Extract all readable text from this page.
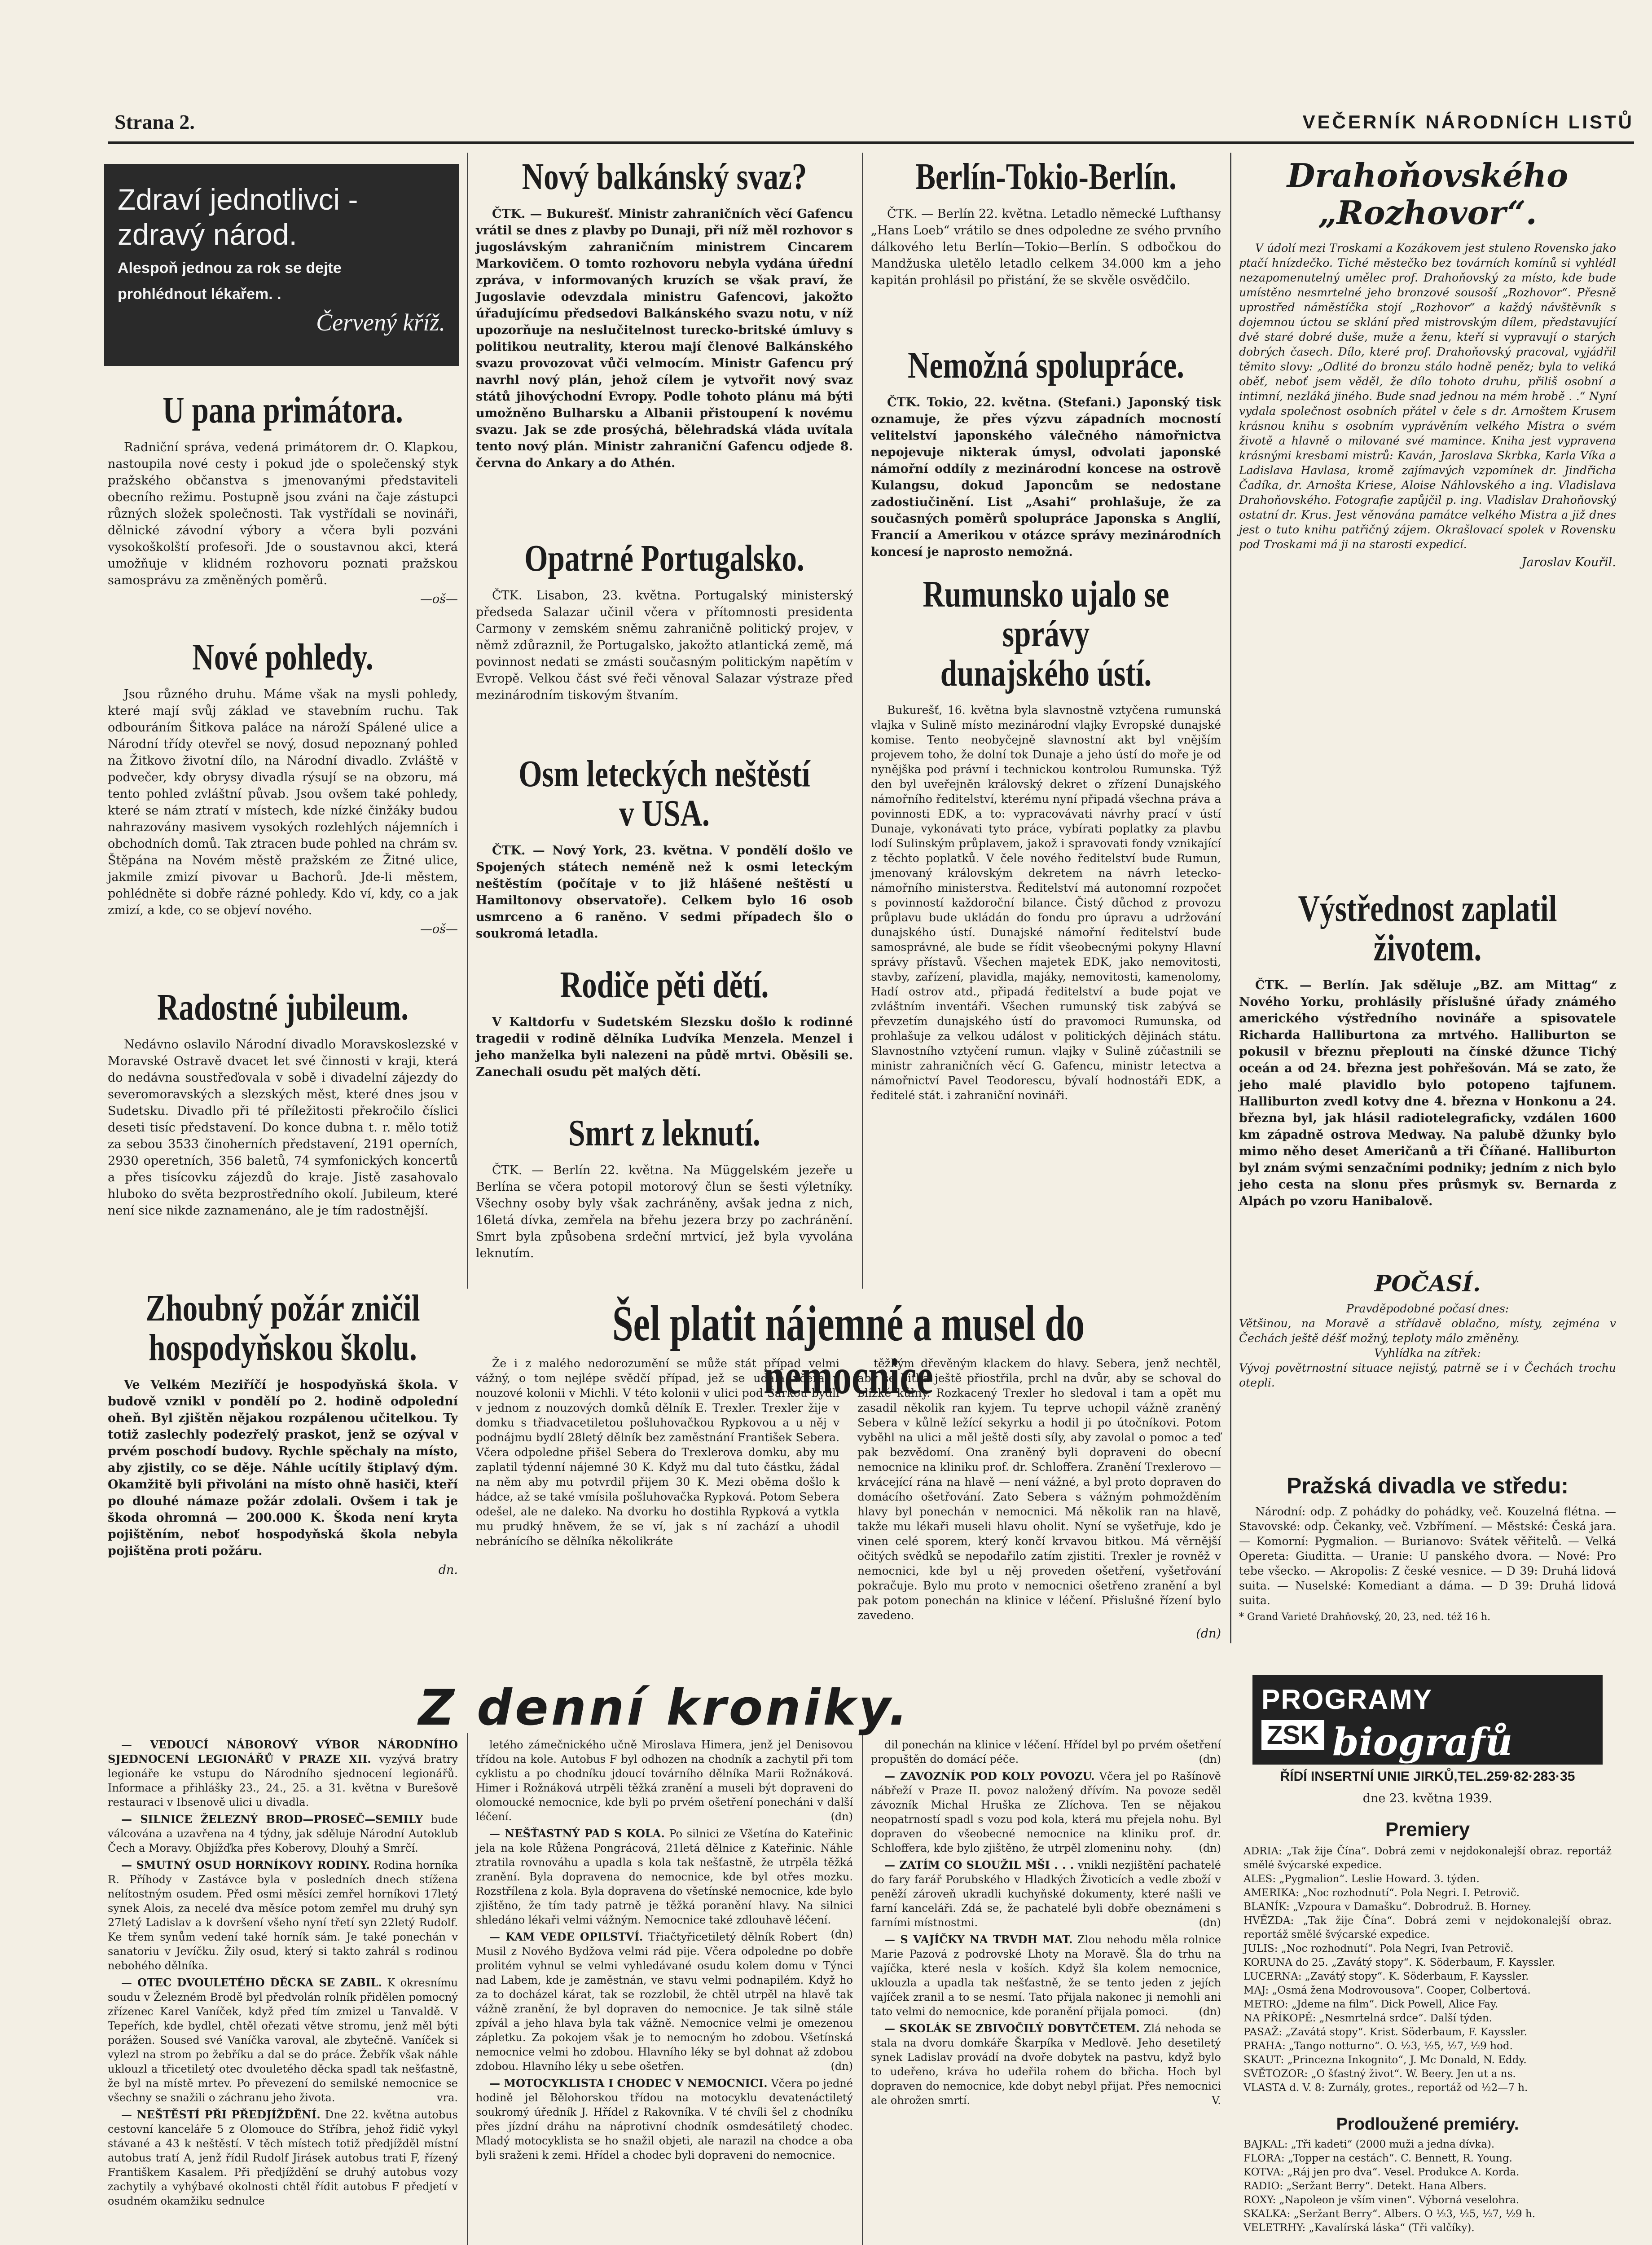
Strana 2.	VEČERNÍK NÁRODNÍCH LISTŮ
Zdraví jednotlivci -
zdravý národ.
Alespoň jednou za rok se dejte
prohlédnout lékařem. .
Červený kříž.
U pana primátora.

Radniční správa, vedená primátorem dr. O. Klapkou, nastoupila nové cesty i pokud jde o společenský styk pražského občanstva s jmenovanými představiteli obecního režimu. Postupně jsou zváni na čaje zástupci různých složek společnosti. Tak vystřídali se novináři, dělnické závodní výbory a včera byli pozváni vysokoškolští profesoři. Jde o soustavnou akci, která umožňuje v klidném rozhovoru poznati pražskou samosprávu za změněných poměrů.

—oš—
Nové pohledy.

Jsou různého druhu. Máme však na mysli pohledy, které mají svůj základ ve stavebním ruchu. Tak odbouráním Šitkova paláce na nároží Spálené ulice a Národní třídy otevřel se nový, dosud nepoznaný pohled na Žitkovo životní dílo, na Národní divadlo. Zvláště v podvečer, kdy obrysy divadla rýsují se na obzoru, má tento pohled zvláštní půvab. Jsou ovšem také pohledy, které se nám ztratí v místech, kde nízké činžáky budou nahrazovány masivem vysokých rozlehlých nájemních i obchodních domů. Tak ztracen bude pohled na chrám sv. Štěpána na Novém městě pražském ze Žitné ulice, jakmile zmizí pivovar u Bachorů. Jde-li městem, pohlédněte si dobře rázné pohledy. Kdo ví, kdy, co a jak zmizí, a kde, co se objeví nového.

—oš—
Radostné jubileum.

Nedávno oslavilo Národní divadlo Moravskoslezské v Moravské Ostravě dvacet let své činnosti v kraji, která do nedávna soustřeďovala v sobě i divadelní zájezdy do severomoravských a slezských měst, které dnes jsou v Sudetsku. Divadlo při té příležitosti překročilo číslici deseti tisíc představení. Do konce dubna t. r. mělo totiž za sebou 3533 činoherních představení, 2191 operních, 2930 operetních, 356 baletů, 74 symfonických koncertů a přes tisícovku zájezdů do kraje. Jistě zasahovalo hluboko do světa bezprostředního okolí. Jubileum, které není sice nikde zaznamenáno, ale je tím radostnější.

Zhoubný požár zničil
hospodyňskou školu.

Ve Velkém Meziříčí je hospodyňská škola. V budově vznikl v pondělí po 2. hodině odpolední oheň. Byl zjištěn nějakou rozpálenou učitelkou. Ty totiž zaslechly podezřelý praskot, jenž se ozýval v prvém poschodí budovy. Rychle spěchaly na místo, aby zjistily, co se děje. Náhle ucítily štiplavý dým. Okamžitě byli přivoláni na místo ohně hasiči, kteří po dlouhé námaze požár zdolali. Ovšem i tak je škoda ohromná — 200.000 K. Škoda není kryta pojištěním, neboť hospodyňská škola nebyla pojištěna proti požáru.

dn.
Nový balkánský svaz?

ČTK. — Bukurešť. Ministr zahraničních věcí Gafencu vrátil se dnes z plavby po Dunaji, při níž měl rozhovor s jugoslávským zahraničním ministrem Cincarem Markovičem. O tomto rozhovoru nebyla vydána úřední zpráva, v informovaných kruzích se však praví, že Jugoslavie odevzdala ministru Gafencovi, jakožto úřadujícímu předsedovi Balkánského svazu notu, v níž upozorňuje na neslučitelnost turecko-britské úmluvy s politikou neutrality, kterou mají členové Balkánského svazu provozovat vůči velmocím. Ministr Gafencu prý navrhl nový plán, jehož cílem je vytvořit nový svaz států jihovýchodní Evropy. Podle tohoto plánu má býti umožněno Bulharsku a Albanii přistoupení k novému svazu. Jak se zde prosýchá, bělehradská vláda uvítala tento nový plán. Ministr zahraniční Gafencu odjede 8. června do Ankary a do Athén.

Opatrné Portugalsko.

ČTK. Lisabon, 23. května. Portugalský ministerský předseda Salazar učinil včera v přítomnosti presidenta Carmony v zemském sněmu zahraničně politický projev, v němž zdůraznil, že Portugalsko, jakožto atlantická země, má povinnost nedati se zmásti současným politickým napětím v Evropě. Velkou část své řeči věnoval Salazar výstraze před mezinárodním tiskovým štvaním.

Osm leteckých neštěstí
v USA.

ČTK. — Nový York, 23. května. V pondělí došlo ve Spojených státech neméně než k osmi leteckým neštěstím (počítaje v to již hlášené neštěstí u Hamiltonovy observatoře). Celkem bylo 16 osob usmrceno a 6 raněno. V sedmi případech šlo o soukromá letadla.

Rodiče pěti dětí.

V Kaltdorfu v Sudetském Slezsku došlo k rodinné tragedii v rodině dělníka Ludvíka Menzela. Menzel i jeho manželka byli nalezeni na půdě mrtvi. Oběsili se. Zanechali osudu pět malých dětí.

Smrt z leknutí.

ČTK. — Berlín 22. května. Na Müggelském jezeře u Berlína se včera potopil motorový člun se šesti výletníky. Všechny osoby byly však zachráněny, avšak jedna z nich, 16letá dívka, zemřela na břehu jezera brzy po zachránění. Smrt byla způsobena srdeční mrtvicí, jež byla vyvolána leknutím.

Berlín-Tokio-Berlín.

ČTK. — Berlín 22. května. Letadlo německé Lufthansy „Hans Loeb“ vrátilo se dnes odpoledne ze svého prvního dálkového letu Berlín—Tokio—Berlín. S odbočkou do Mandžuska uletělo letadlo celkem 34.000 km a jeho kapitán prohlásil po přistání, že se skvěle osvědčilo.

Nemožná spolupráce.

ČTK. Tokio, 22. května. (Stefani.) Japonský tisk oznamuje, že přes výzvu západních mocností velitelství japonského válečného námořnictva nepojevuje nikterak úmysl, odvolati japonské námořní oddíly z mezinárodní koncese na ostrově Kulangsu, dokud Japoncům se nedostane zadostiučinění. List „Asahi“ prohlašuje, že za současných poměrů spolupráce Japonska s Anglií, Francií a Amerikou v otázce správy mezinárodních koncesí je naprosto nemožná.

Rumunsko ujalo se správy
dunajského ústí.

Bukurešť, 16. května byla slavnostně vztyčena rumunská vlajka v Sulině místo mezinárodní vlajky Evropské dunajské komise. Tento neobyčejně slavnostní akt byl vnějším projevem toho, že dolní tok Dunaje a jeho ústí do moře je od nynějška pod právní i technickou kontrolou Rumunska. Týž den byl uveřejněn královský dekret o zřízení Dunajského námořního ředitelství, kterému nyní připadá všechna práva a povinnosti EDK, a to: vypracovávati návrhy prací v ústí Dunaje, vykonávati tyto práce, vybírati poplatky za plavbu lodí Sulinským průplavem, jakož i spravovati fondy vznikající z těchto poplatků. V čele nového ředitelství bude Rumun, jmenovaný královským dekretem na návrh letecko-námořního ministerstva. Ředitelství má autonomní rozpočet s povinností každoroční bilance. Čistý důchod z provozu průplavu bude ukládán do fondu pro úpravu a udržování dunajského ústí. Dunajské námořní ředitelství bude samosprávné, ale bude se řídit všeobecnými pokyny Hlavní správy přístavů. Všechen majetek EDK, jako nemovitosti, stavby, zařízení, plavidla, majáky, nemovitosti, kamenolomy, Hadí ostrov atd., připadá ředitelství a bude pojat ve zvláštním inventáři. Všechen rumunský tisk zabývá se převzetím dunajského ústí do pravomoci Rumunska, od prohlašuje za velkou událost v politických dějinách státu. Slavnostního vztyčení rumun. vlajky v Sulině zúčastnili se ministr zahraničních věcí G. Gafencu, ministr letectva a námořnictví Pavel Teodorescu, bývalí hodnostáři EDK, a ředitelé stát. i zahraniční novináři.

Drahoňovského
„Rozhovor“.

V údolí mezi Troskami a Kozákovem jest stuleno Rovensko jako ptačí hnízdečko. Tiché městečko bez továrních komínů si vyhlédl nezapomenutelný umělec prof. Drahoňovský za místo, kde bude umístěno nesmrtelné jeho bronzové sousoší „Rozhovor“. Přesně uprostřed náměstíčka stojí „Rozhovor“ a každý návštěvník s dojemnou úctou se sklání před mistrovským dílem, představující dvě staré dobré duše, muže a ženu, kteří si vypravují o starých dobrých časech. Dílo, které prof. Drahoňovský pracoval, vyjádřil těmito slovy: „Odlité do bronzu stálo hodně peněz; byla to veliká oběť, neboť jsem věděl, že dílo tohoto druhu, přiliš osobní a intimní, nezláká jiného. Bude snad jednou na mém hrobě . .“ Nyní vydala společnost osobních přátel v čele s dr. Arnoštem Krusem krásnou knihu s osobním vyprávěním velkého Mistra o svém životě a hlavně o milované své mamince. Kniha jest vypravena krásnými kresbami mistrů: Kaván, Jaroslava Skrbka, Karla Víka a Ladislava Havlasa, kromě zajímavých vzpomínek dr. Jindřicha Čadíka, dr. Arnošta Kriese, Aloise Náhlovského a ing. Vladislava Drahoňovského. Fotografie zapůjčil p. ing. Vladislav Drahoňovský ostatní dr. Krus. Jest věnována památce velkého Mistra a již dnes jest o tuto knihu patřičný zájem. Okrašlovací spolek v Rovensku pod Troskami má ji na starosti expedicí.

Jaroslav Kouřil.
Výstřednost zaplatil
životem.

ČTK. — Berlín. Jak sděluje „BZ. am Mittag“ z Nového Yorku, prohlásily příslušné úřady známého amerického výstředního novináře a spisovatele Richarda Halliburtona za mrtvého. Halliburton se pokusil v březnu přeplouti na čínské džunce Tichý oceán a od 24. března jest pohřešován. Má se zato, že jeho malé plavidlo bylo potopeno tajfunem. Halliburton zvedl kotvy dne 4. března v Honkonu a 24. března byl, jak hlásil radiotelegraficky, vzdálen 1600 km západně ostrova Medway. Na palubě džunky bylo mimo něho deset Američanů a tři Číňané. Halliburton byl znám svými senzačními podniky; jedním z nich bylo jeho cesta na slonu přes průsmyk sv. Bernarda z Alpách po vzoru Hanibalově.

POČASÍ.
Pravděpodobné počasí dnes:
Většinou, na Moravě a střídavě oblačno, místy, zejména v Čechách ještě déšť možný, teploty málo změněny.
Vyhlídka na zítřek:
Vývoj povětrnostní situace nejistý, patrně se i v Čechách trochu otepli.
Pražská divadla ve středu:

Národní: odp. Z pohádky do pohádky, več. Kouzelná flétna. — Stavovské: odp. Čekanky, več. Vzbřímení. — Městské: Česká jara. — Komorní: Pygmalion. — Burianovo: Svátek věřitelů. — Velká Opereta: Giuditta. — Uranie: U panského dvora. — Nové: Pro tebe všecko. — Akropolis: Z české vesnice. — D 39: Druhá lidová suita. — Nuselské: Komediant a dáma. — D 39: Druhá lidová suita.

* Grand Varieté Drahňovský, 20, 23, ned. též 16 h.
Šel platit nájemné a musel do nemocnice

Že i z malého nedorozumění se může stát případ velmi vážný, o tom nejlépe svědčí případ, jež se udála včera v nouzové kolonii v Michli. V této kolonii v ulici pod Šárkou bydlí v jednom z nouzových domků dělník E. Trexler. Trexler žije v domku s třiadvacetiletou pošluhovačkou Rypkovou a u něj v podnájmu bydlí 28letý dělník bez zaměstnání František Sebera. Včera odpoledne přišel Sebera do Trexlerova domku, aby mu zaplatil týdenní nájemné 30 K. Když mu dal tuto částku, žádal na něm aby mu potvrdil přijem 30 K. Mezi oběma došlo k hádce, až se také vmísila pošluhovačka Rypková. Potom Sebera odešel, ale ne daleko. Na dvorku ho dostihla Rypková a vytkla mu prudký hněvem, že se ví, jak s ní zachází a uhodil nebránícího se dělníka několikráte

těžkým dřevěným klackem do hlavy. Sebera, jenž nechtěl, aby se bitka ještě přiostřila, prchl na dvůr, aby se schoval do blízké kůlny. Rozkacený Trexler ho sledoval i tam a opět mu zasadil několik ran kyjem. Tu teprve uchopil vážně zraněný Sebera v kůlně ležící sekyrku a hodil ji po útočníkovi. Potom vyběhl na ulici a měl ještě dosti síly, aby zavolal o pomoc a teď pak bezvědomí. Ona zraněný byli dopraveni do obecní nemocnice na kliniku prof. dr. Schloffera. Zranění Trexlerovo — krvácející rána na hlavě — není vážné, a byl proto dopraven do domácího ošetřování. Zato Sebera s vážným pohmožděním hlavy byl ponechán v nemocnici. Má několik ran na hlavě, takže mu lékaři museli hlavu oholit. Nyní se vyšetřuje, kdo je vinen celé sporem, který končí krvavou bitkou. Má věrnější očitých svědků se nepodařilo zatím zjistiti. Trexler je rovněž v nemocnici, kde byl u něj proveden ošetření, vyšetřování pokračuje. Bylo mu proto v nemocnici ošetřeno zranění a byl pak potom ponechán na klinice v léčení. Přislušné řízení bylo zavedeno.

(dn)
PROGRAMY
ZSK biografů
ŘÍDÍ INSERTNÍ UNIE JIRKŮ,TEL.259·82·283·35
dne 23. května 1939.
Premiery
ADRIA: „Tak žije Čína“. Dobrá zemi v nejdokonalejší obraz. reportáž smělé švýcarské expedice.
ALES: „Pygmalion“. Leslie Howard. 3. týden.
AMERIKA: „Noc rozhodnutí“. Pola Negri. I. Petrovič.
BLANÍK: „Vzpoura v Damašku“. Dobrodruž. B. Horney.
HVĚZDA: „Tak žije Čína“. Dobrá zemi v nejdokonalejší obraz. reportáž smělé švýcarské expedice.
JULIS: „Noc rozhodnutí“. Pola Negri, Ivan Petrovič.
KORUNA do 25. „Zavátý stopy“. K. Söderbaum, F. Kayssler.
LUCERNA: „Zavátý stopy“. K. Söderbaum, F. Kayssler.
MAJ: „Osmá žena Modrovousova“. Cooper, Colbertová.
METRO: „Jdeme na film“. Dick Powell, Alice Fay.
NA PŘÍKOPĚ: „Nesmrtelná srdce“. Další týden.
PASAŽ: „Zavátá stopy“. Krist. Söderbaum, F. Kayssler.
PRAHA: „Tango notturno“. O. ½3, ½5, ½7, ½9 hod.
SKAUT: „Princezna Inkognito“, J. Mc Donald, N. Eddy.
SVĚTOZOR: „O šťastný život“. W. Beery. Jen ut a ns.
VLASTA d. V. 8: Zurnály, grotes., reportáž od ½2—7 h.
Prodloužené premiéry.
BAJKAL: „Tři kadeti“ (2000 muži a jedna dívka).
FLORA: „Topper na cestách“. C. Bennett, R. Young.
KOTVA: „Ráj jen pro dva“. Vesel. Produkce A. Korda.
RADIO: „Seržant Berry“. Detekt. Hana Albers.
ROXY: „Napoleon je vším vinen“. Výborná veselohra.
SKALKA: „Seržant Berry“. Albers. O ½3, ½5, ½7, ½9 h.
VELETRHY: „Kavalírská láska“ (Tři valčíky).
Z denní kroniky.
— VEDOUCÍ NÁBOROVÝ VÝBOR NÁRODNÍHO SJEDNOCENÍ LEGIONÁŘŮ V PRAZE XII. vyzývá bratry legionáře ke vstupu do Národního sjednocení legionářů. Informace a přihlášky 23., 24., 25. a 31. května v Burešově restauraci v Ibsenově ulici u divadla.
— SILNICE ŽELEZNÝ BROD—PROSEČ—SEMILY bude válcována a uzavřena na 4 týdny, jak sděluje Národní Autoklub Čech a Moravy. Objížďka přes Koberovy, Dlouhý a Smrčí.
— SMUTNÝ OSUD HORNÍKOVY RODINY. Rodina horníka R. Příhody v Zastávce byla v posledních dnech stížena nelítostným osudem. Před osmi měsíci zemřel horníkovi 17letý synek Alois, za necelé dva měsíce potom zemřel mu druhý syn 27letý Ladislav a k dovršení všeho nyní třetí syn 22letý Rudolf. Ke třem synům vedení také horník sám. Je také ponechán v sanatoriu v Jevíčku. Žily osud, který si takto zahrál s rodinou nebohého dělníka.
— OTEC DVOULETÉHO DĚCKA SE ZABIL. K okresnímu soudu v Železném Brodě byl předvolán rolník přidělen pomocný zřízenec Karel Vaníček, když před tím zmizel u Tanvaldě. V Tepeřích, kde bydlel, chtěl ořezati větve stromu, jenž měl býti porážen. Soused své Vaníčka varoval, ale zbytečně. Vaníček si vylezl na strom po žebříku a dal se do práce. Žebřík však náhle uklouzl a třicetiletý otec dvouletého děcka spadl tak nešťastně, že byl na místě mrtev. Po převezení do semilské nemocnice se všechny se snažili o záchranu jeho života.	vra.
— NEŠTĚSTÍ PŘI PŘEDJÍŽDĚNÍ. Dne 22. května autobus cestovní kanceláře 5 z Olomouce do Stříbra, jehož řidič vykyl stávané a 43 k neštěstí. V těch místech totiž předjížděl místní autobus tratí A, jenž řídil Rudolf Jirásek autobus trati F, řízený Františkem Kasalem. Při předjíždění se druhý autobus vozy zachytily a vyhýbavé okolnosti chtěl řídit autobus F předjetí v osudném okamžiku sednulce
letého zámečnického učně Miroslava Himera, jenž jel Denisovou třídou na kole. Autobus F byl odhozen na chodník a zachytil při tom cyklistu a po chodníku jdoucí továrního dělníka Marii Rožnáková. Himer i Rožnáková utrpěli těžká zranění a museli být dopraveni do olomoucké nemocnice, kde byli po prvém ošetření ponecháni v další léčení.	(dn)
— NEŠŤASTNÝ PAD S KOLA. Po silnici ze Všetína do Kateřinic jela na kole Růžena Pongrácová, 21letá dělnice z Kateřinic. Náhle ztratila rovnováhu a upadla s kola tak nešťastně, že utrpěla těžká zranění. Byla dopravena do nemocnice, kde byl otřes mozku. Rozstřílena z kola. Byla dopravena do všetínské nemocnice, kde bylo zjištěno, že tím tady patrně je těžká poranění hlavy. Na silnici shledáno lékaři velmi vážným. Nemocnice také zdlouhavě léčení.
(dn)
— KAM VEDE OPILSTVÍ. Třiačtyřicetiletý dělník Robert Musil z Nového Bydžova velmi rád pije. Včera odpoledne po dobře prolitém vyhnul se velmi vyhledávané osudu kolem domu v Týnci nad Labem, kde je zaměstnán, ve stavu velmi podnapilém. Když ho za to docházel kárat, tak se rozzlobil, že chtěl utrpěl na hlavě tak vážně zranění, že byl dopraven do nemocnice. Je tak silně stále zpívál a jeho hlava byla tak vážně. Nemocnice velmi je omezenou zápletku. Za pokojem však je to nemocným ho zdobou. Všetínská nemocnice velmi ho zdobou. Hlavního léky se byl dohnat až zdobou zdobou. Hlavního léky u sebe ošetřen.	(dn)
— MOTOCYKLISTA I CHODEC V NEMOCNICI. Včera po jedné hodině jel Bělohorskou třídou na motocyklu devatenáctiletý soukromý úředník J. Hřídel z Rakovníka. V té chvíli šel z chodníku přes jízdní dráhu na náprotivní chodník osmdesátiletý chodec. Mladý motocyklista se ho snažil objeti, ale narazil na chodce a oba byli sraženi k zemi. Hřídel a chodec byli dopraveni do nemocnice.
dil ponechán na klinice v léčení. Hřídel byl po prvém ošetření propuštěn do domácí péče.	(dn)
— ZAVOZNÍK POD KOLY POVOZU. Včera jel po Rašínově nábřeží v Praze II. povoz naložený dřívím. Na povoze seděl závozník Michal Hruška ze Zlíchova. Ten se nějakou neopatrností spadl s vozu pod kola, která mu přejela nohu. Byl dopraven do všeobecné nemocnice na kliniku prof. dr. Schloffera, kde bylo zjištěno, že utrpěl zlomeninu nohy.	(dn)
— ZATÍM CO SLOUŽIL MŠI . . . vnikli nezjištění pachatelé do fary farář Porubského v Hladkých Životicích a vedle zboží v peněží zároveň ukradli kuchyňské dokumenty, které našli ve farní kanceláři. Zdá se, že pachatelé byli dobře obeznámeni s farními místnostmi.	(dn)
— S VAJÍČKY NA TRVDH MAT. Zlou nehodu měla rolnice Marie Pazová z podrovské Lhoty na Moravě. Šla do trhu na vajíčka, které nesla v koších. Když šla kolem nemocnice, uklouzla a upadla tak nešťastně, že se tento jeden z jejích vajíček zranil a to se nesmí. Tato přijala nakonec ji nemohli ani tato velmi do nemocnice, kde poranění přijala pomoci.	(dn)
— SKOLÁK SE ZBIVOČILÝ DOBYTČETEM. Zlá nehoda se stala na dvoru domkáře Škarpíka v Medlově. Jeho desetiletý synek Ladislav provádí na dvoře dobytek na pastvu, když bylo to udeřeno, kráva ho udeřila rohem do břicha. Hoch byl dopraven do nemocnice, kde dobyt nebyl přijat. Přes nemocnici ale ohrožen smrtí.	V.
